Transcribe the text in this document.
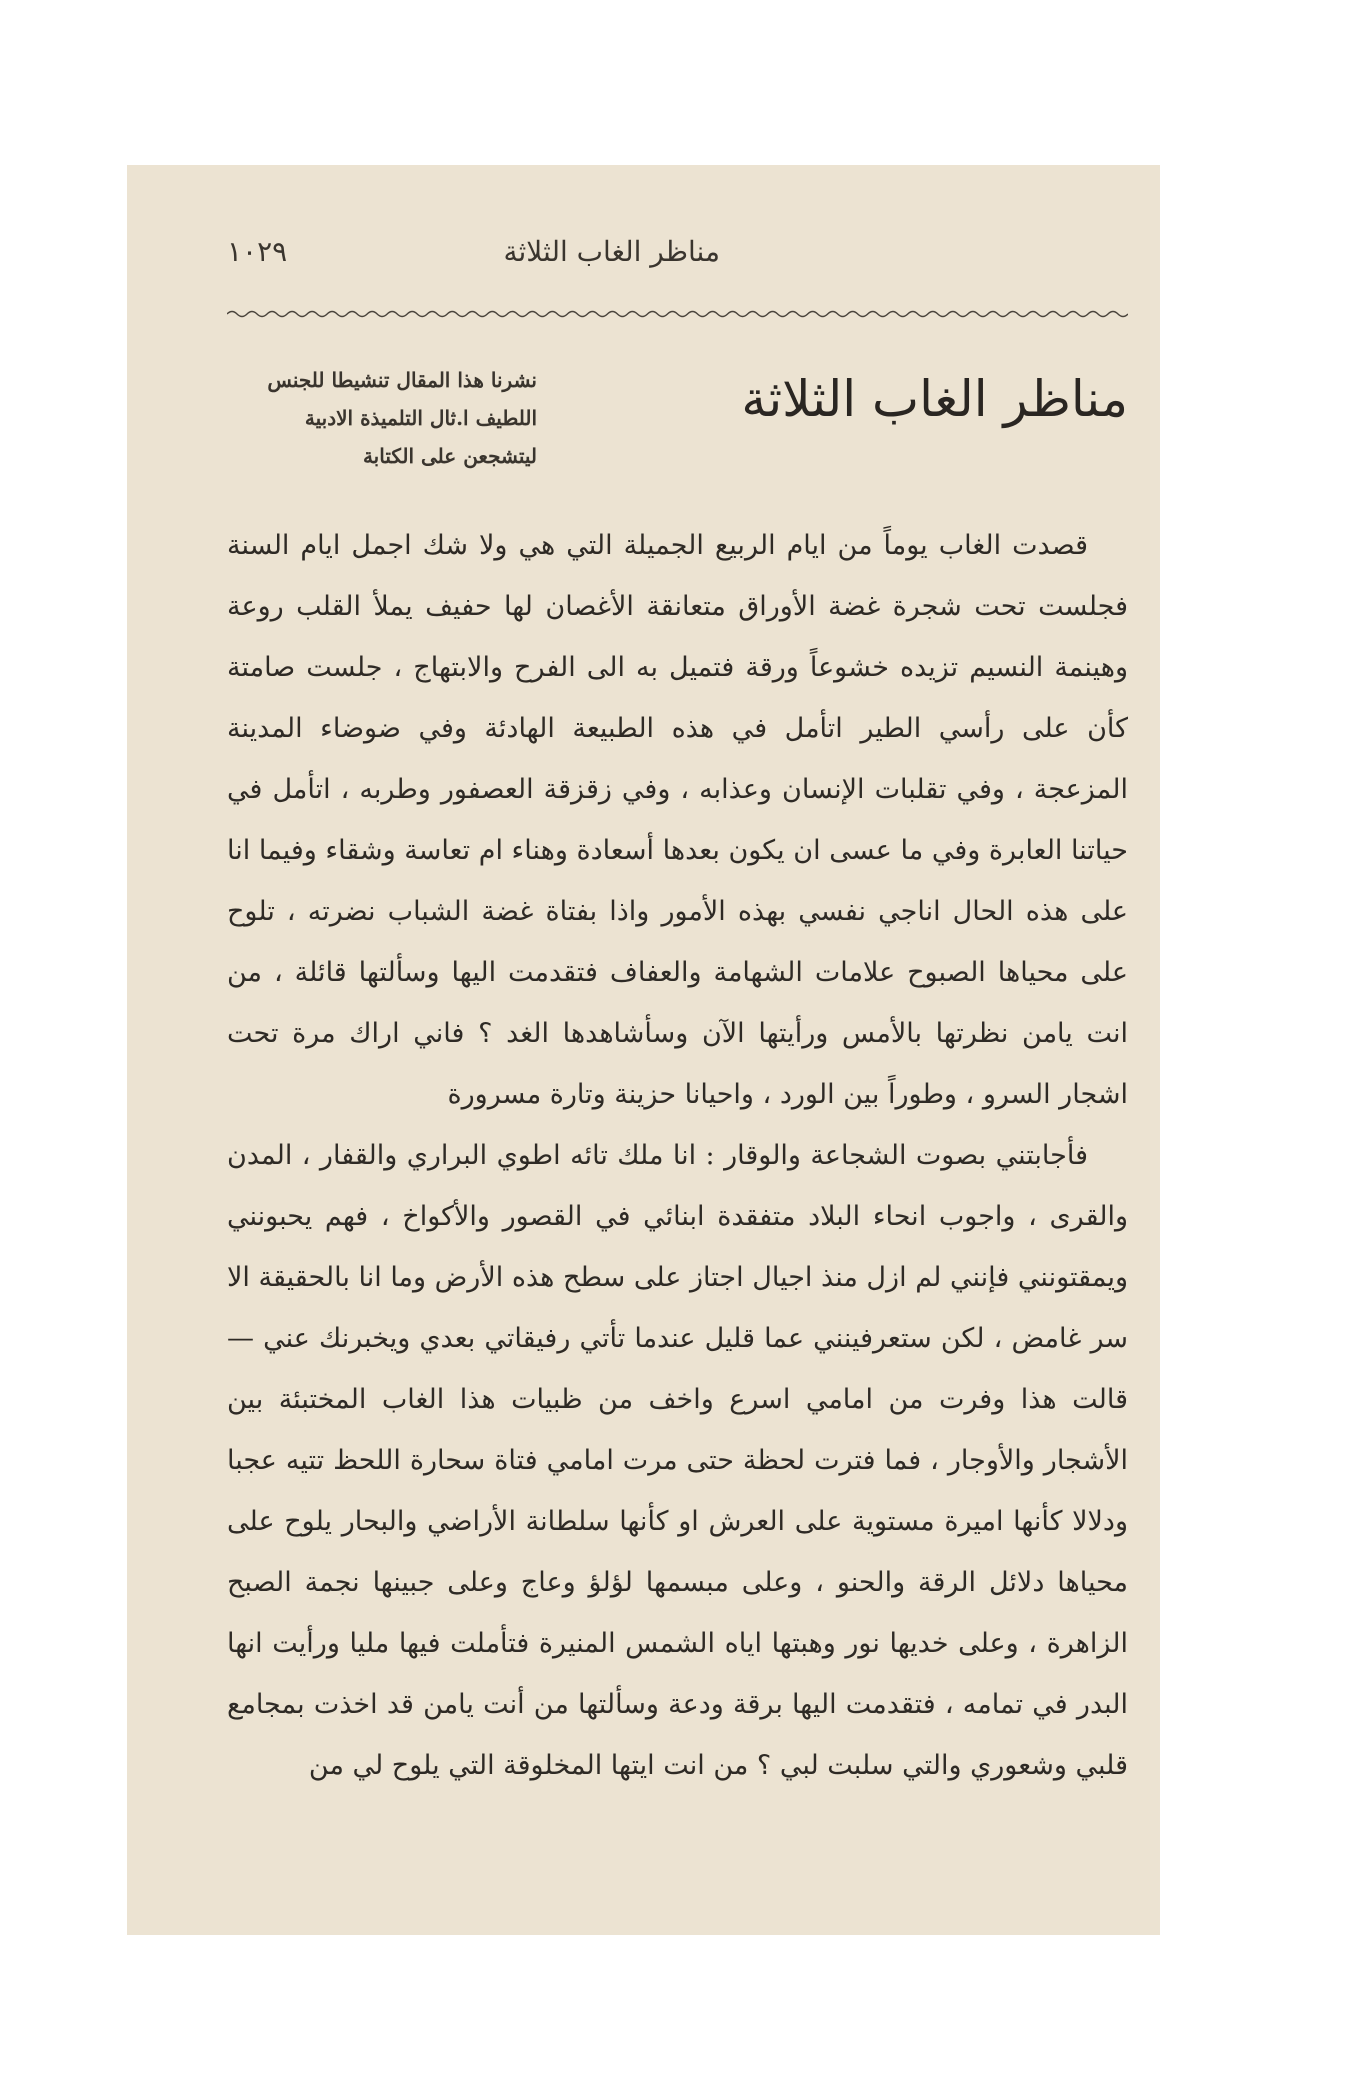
مناظر الغاب الثلاثة
١٠٢٩
مناظر الغاب الثلاثة
نشرنا هذا المقال تنشيطا للجنس اللطيف ا.ثال التلميذة الادبية ليتشجعن على الكتابة

قصدت الغاب يوماً من ايام الربيع الجميلة التي هي ولا شك اجمل ايام السنة فجلست تحت شجرة غضة الأوراق متعانقة الأغصان لها حفيف يملأ القلب روعة وهينمة النسيم تزيده خشوعاً ورقة فتميل به الى الفرح والابتهاج ، جلست صامتة كأن على رأسي الطير اتأمل في هذه الطبيعة الهادئة وفي ضوضاء المدينة المزعجة ، وفي تقلبات الإنسان وعذابه ، وفي زقزقة العصفور وطربه ، اتأمل في حياتنا العابرة وفي ما عسى ان يكون بعدها أسعادة وهناء ام تعاسة وشقاء وفيما انا على هذه الحال اناجي نفسي بهذه الأمور واذا بفتاة غضة الشباب نضرته ، تلوح على محياها الصبوح علامات الشهامة والعفاف فتقدمت اليها وسألتها قائلة ، من انت يامن نظرتها بالأمس ورأيتها الآن وسأشاهدها الغد ؟ فاني اراك مرة تحت اشجار السرو ، وطوراً بين الورد ، واحيانا حزينة وتارة مسرورة

فأجابتني بصوت الشجاعة والوقار : انا ملك تائه اطوي البراري والقفار ، المدن والقرى ، واجوب انحاء البلاد متفقدة ابنائي في القصور والأكواخ ، فهم يحبونني ويمقتونني فإنني لم ازل منذ اجيال اجتاز على سطح هذه الأرض وما انا بالحقيقة الا سر غامض ، لكن ستعرفينني عما قليل عندما تأتي رفيقاتي بعدي ويخبرنك عني — قالت هذا وفرت من امامي اسرع واخف من ظبيات هذا الغاب المختبئة بين الأشجار والأوجار ، فما فترت لحظة حتى مرت امامي فتاة سحارة اللحظ تتيه عجبا ودلالا كأنها اميرة مستوية على العرش او كأنها سلطانة الأراضي والبحار يلوح على محياها دلائل الرقة والحنو ، وعلى مبسمها لؤلؤ وعاج وعلى جبينها نجمة الصبح الزاهرة ، وعلى خديها نور وهبتها اياه الشمس المنيرة فتأملت فيها مليا ورأيت انها البدر في تمامه ، فتقدمت اليها برقة ودعة وسألتها من أنت يامن قد اخذت بمجامع قلبي وشعوري والتي سلبت لبي ؟ من انت ايتها المخلوقة التي يلوح لي من
